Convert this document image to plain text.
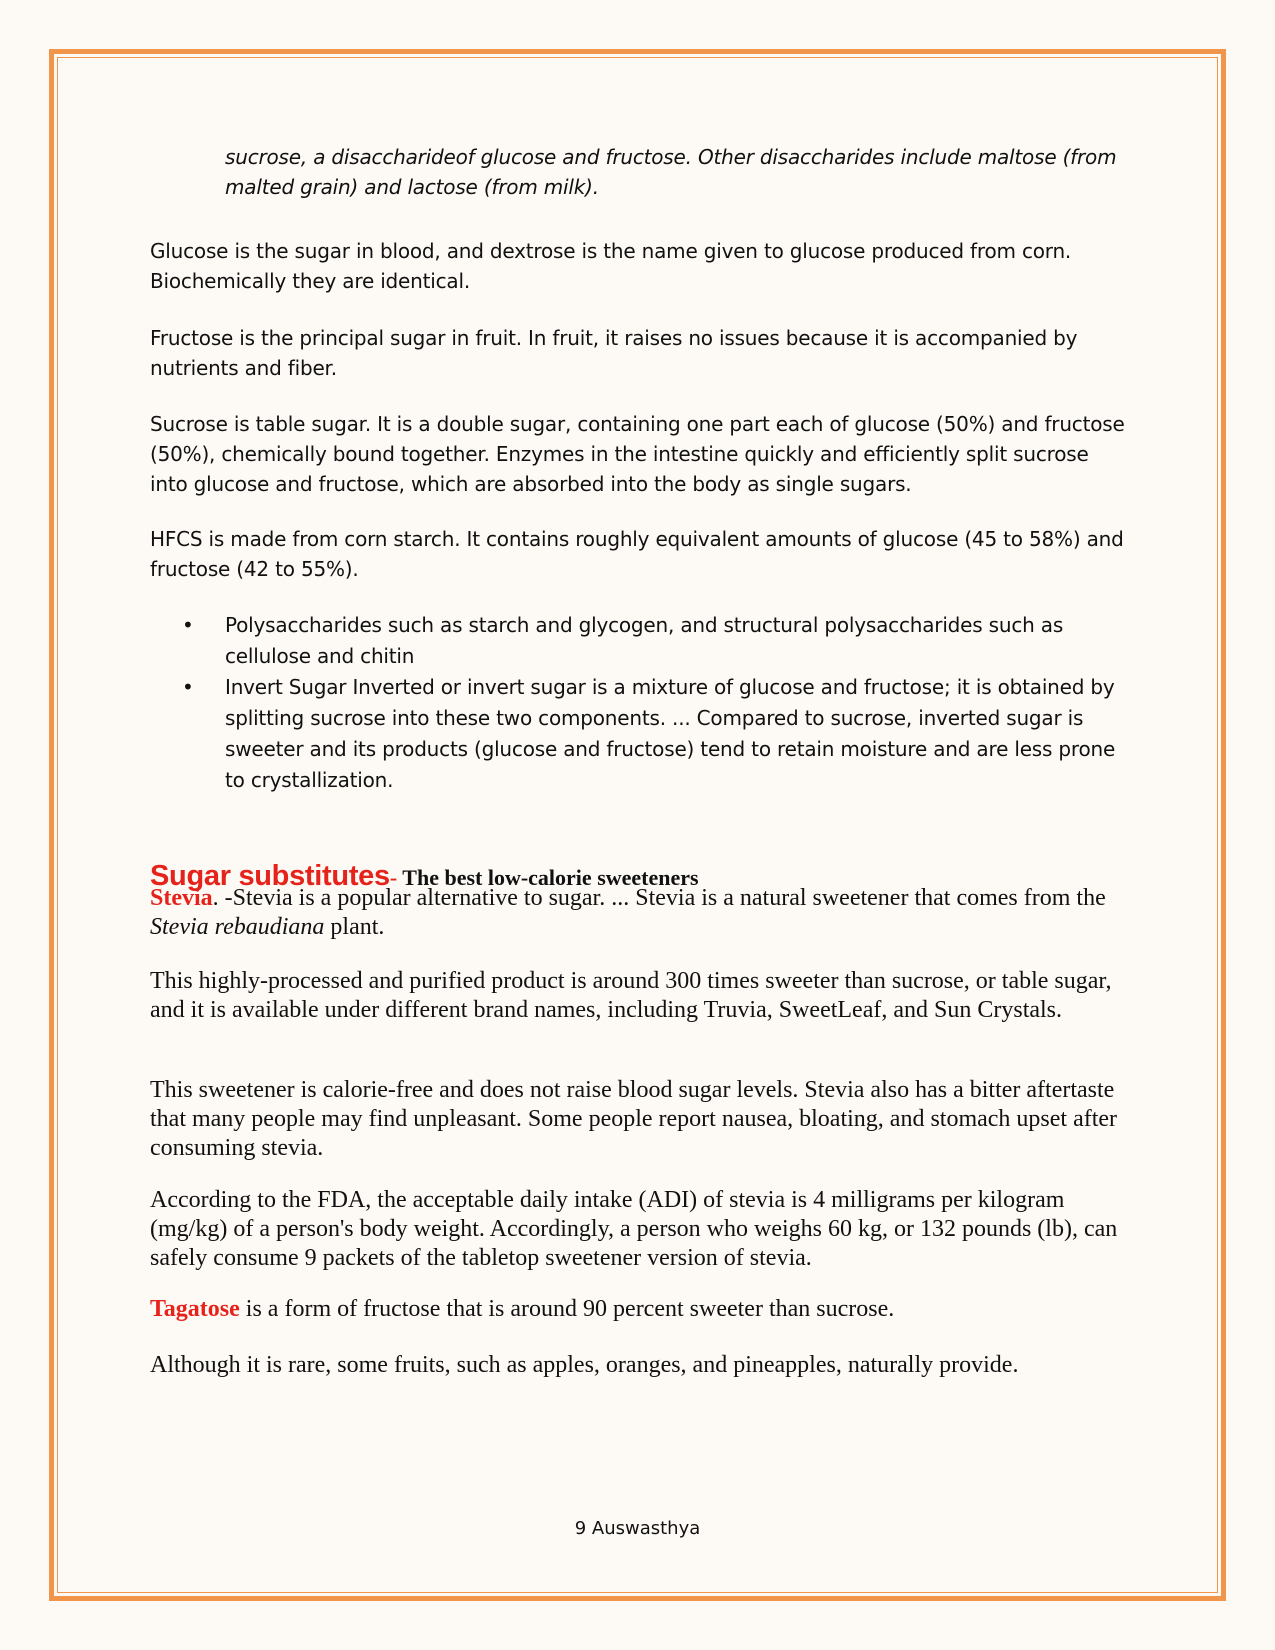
sucrose, a disaccharideof glucose and fructose. Other disaccharides include maltose (from malted grain) and lactose (from milk).

Glucose is the sugar in blood, and dextrose is the name given to glucose produced from corn. Biochemically they are identical.

Fructose is the principal sugar in fruit. In fruit, it raises no issues because it is accompanied by nutrients and fiber.

Sucrose is table sugar. It is a double sugar, containing one part each of glucose (50%) and fructose (50%), chemically bound together. Enzymes in the intestine quickly and efficiently split sucrose into glucose and fructose, which are absorbed into the body as single sugars.

HFCS is made from corn starch. It contains roughly equivalent amounts of glucose (45 to 58%) and fructose (42 to 55%).

• Polysaccharides such as starch and glycogen, and structural polysaccharides such as cellulose and chitin
• Invert Sugar Inverted or invert sugar is a mixture of glucose and fructose; it is obtained by splitting sucrose into these two components. ... Compared to sucrose, inverted sugar is sweeter and its products (glucose and fructose) tend to retain moisture and are less prone to crystallization.
Sugar substitutes- The best low-calorie sweeteners

Stevia. -Stevia is a popular alternative to sugar. ... Stevia is a natural sweetener that comes from the Stevia rebaudiana plant.

This highly-processed and purified product is around 300 times sweeter than sucrose, or table sugar, and it is available under different brand names, including Truvia, SweetLeaf, and Sun Crystals.

This sweetener is calorie-free and does not raise blood sugar levels. Stevia also has a bitter aftertaste that many people may find unpleasant. Some people report nausea, bloating, and stomach upset after consuming stevia.

According to the FDA, the acceptable daily intake (ADI) of stevia is 4 milligrams per kilogram (mg/kg) of a person's body weight. Accordingly, a person who weighs 60 kg, or 132 pounds (lb), can safely consume 9 packets of the tabletop sweetener version of stevia.

Tagatose is a form of fructose that is around 90 percent sweeter than sucrose.

Although it is rare, some fruits, such as apples, oranges, and pineapples, naturally provide.

9 Auswasthya
